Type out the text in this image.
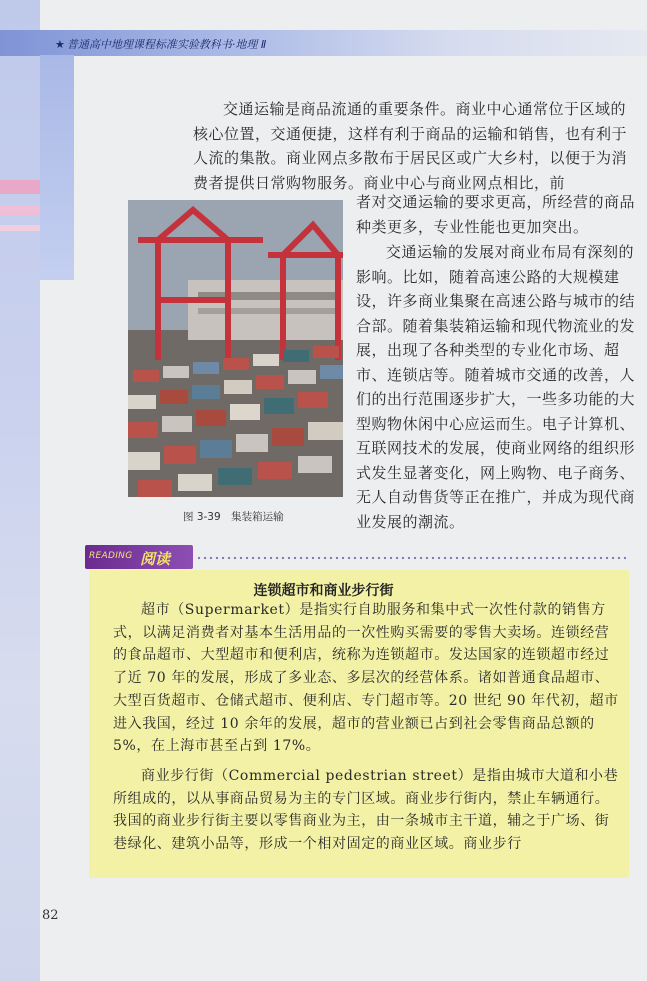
★ 普通高中地理课程标准实验教科书·地理 Ⅱ

交通运输是商品流通的重要条件。商业中心通常位于区域的核心位置，交通便捷，这样有利于商品的运输和销售，也有利于人流的集散。商业网点多散布于居民区或广大乡村，以便于为消费者提供日常购物服务。商业中心与商业网点相比，前

图 3-39　集装箱运输

者对交通运输的要求更高，所经营的商品种类更多，专业性能也更加突出。

交通运输的发展对商业布局有深刻的影响。比如，随着高速公路的大规模建设，许多商业集聚在高速公路与城市的结合部。随着集装箱运输和现代物流业的发展，出现了各种类型的专业化市场、超市、连锁店等。随着城市交通的改善，人们的出行范围逐步扩大，一些多功能的大型购物休闲中心应运而生。电子计算机、互联网技术的发展，使商业网络的组织形式发生显著变化，网上购物、电子商务、无人自动售货等正在推广，并成为现代商业发展的潮流。

READING 阅读
连锁超市和商业步行街

超市（Supermarket）是指实行自助服务和集中式一次性付款的销售方式，以满足消费者对基本生活用品的一次性购买需要的零售大卖场。连锁经营的食品超市、大型超市和便利店，统称为连锁超市。发达国家的连锁超市经过了近 70 年的发展，形成了多业态、多层次的经营体系。诸如普通食品超市、大型百货超市、仓储式超市、便利店、专门超市等。20 世纪 90 年代初，超市进入我国，经过 10 余年的发展，超市的营业额已占到社会零售商品总额的 5%，在上海市甚至占到 17%。

商业步行街（Commercial pedestrian street）是指由城市大道和小巷所组成的，以从事商品贸易为主的专门区域。商业步行街内，禁止车辆通行。我国的商业步行街主要以零售商业为主，由一条城市主干道，辅之于广场、街巷绿化、建筑小品等，形成一个相对固定的商业区域。商业步行

82
